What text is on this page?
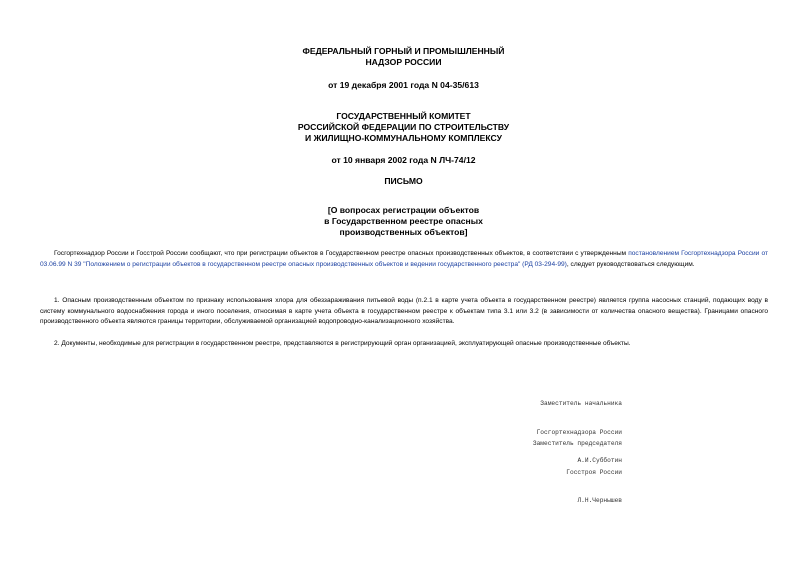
ФЕДЕРАЛЬНЫЙ ГОРНЫЙ И ПРОМЫШЛЕННЫЙ
НАДЗОР РОССИИ
от 19 декабря 2001 года N 04-35/613
ГОСУДАРСТВЕННЫЙ КОМИТЕТ
РОССИЙСКОЙ ФЕДЕРАЦИИ ПО СТРОИТЕЛЬСТВУ
И ЖИЛИЩНО-КОММУНАЛЬНОМУ КОМПЛЕКСУ
от 10 января 2002 года N ЛЧ-74/12
ПИСЬМО
[О вопросах регистрации объектов
в Государственном реестре опасных
производственных объектов]

Госгортехнадзор России и Госстрой России сообщают, что при регистрации объектов в Государственном реестре опасных производственных объектов, в соответствии с утвержденным постановлением Госгортехнадзора России от 03.06.99 N 39 "Положением о регистрации объектов в государственном реестре опасных производственных объектов и ведении государственного реестра" (РД 03-294-99), следует руководствоваться следующим.

1. Опасным производственным объектом по признаку использования хлора для обеззараживания питьевой воды (п.2.1 в карте учета объекта в государственном реестре) является группа насосных станций, подающих воду в систему коммунального водоснабжения города и иного поселения, относимая в карте учета объекта в государственном реестре к объектам типа 3.1 или 3.2 (в зависимости от количества опасного вещества). Границами опасного производственного объекта являются границы территории, обслуживаемой организацией водопроводно-канализационного хозяйства.

2. Документы, необходимые для регистрации в государственном реестре, представляются в регистрирующий орган организацией, эксплуатирующей опасные производственные объекты.

Заместитель начальника

Госгортехнадзора России

А.И.Субботин

Заместитель председателя

Госстроя России

Л.Н.Чернышев
